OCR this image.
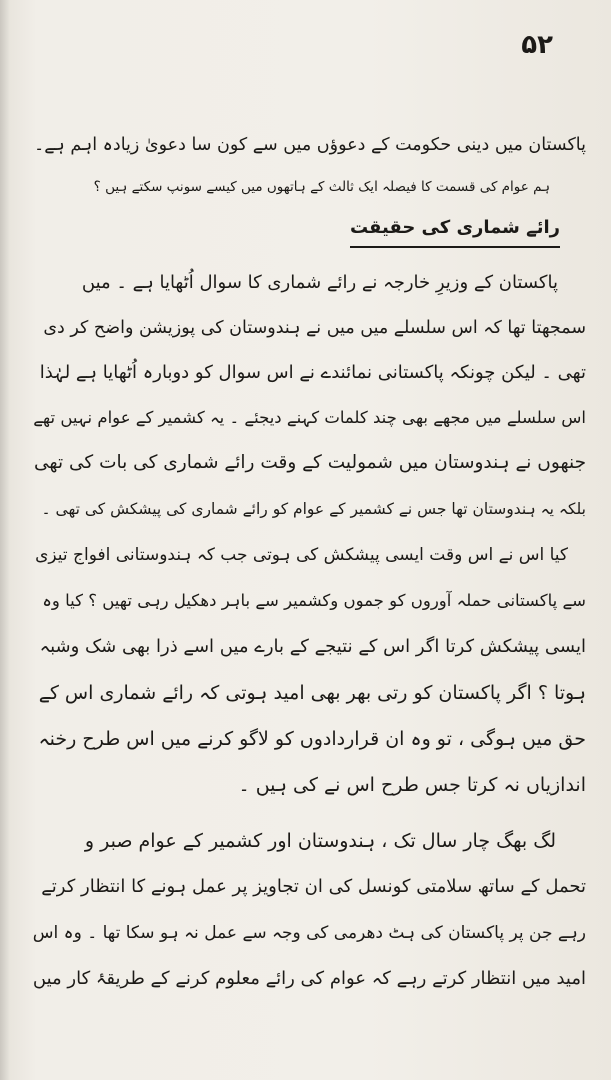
۵۲
پاکستان میں دینی حکومت کے دعوؤں میں سے کون سا دعویٰ زیادہ اہم ہے۔
ہم عوام کی قسمت کا فیصلہ ایک ثالث کے ہاتھوں میں کیسے سونپ سکتے ہیں ؟
رائے شماری کی حقیقت
پاکستان کے وزیرِ خارجہ نے رائے شماری کا سوال اُٹھایا ہے ۔ میں
سمجھتا تھا کہ اس سلسلے میں میں نے ہندوستان کی پوزیشن واضح کر دی
تھی ۔ لیکن چونکہ پاکستانی نمائندے نے اس سوال کو دوبارہ اُٹھایا ہے لہٰذا
اس سلسلے میں مجھے بھی چند کلمات کہنے دیجئے ۔ یہ کشمیر کے عوام نہیں تھے
جنھوں نے ہندوستان میں شمولیت کے وقت رائے شماری کی بات کی تھی
بلکہ یہ ہندوستان تھا جس نے کشمیر کے عوام کو رائے شماری کی پیشکش کی تھی ۔
کیا اس نے اس وقت ایسی پیشکش کی ہوتی جب کہ ہندوستانی افواج تیزی
سے پاکستانی حملہ آوروں کو جموں وکشمیر سے باہر دھکیل رہی تھیں ؟ کیا وہ
ایسی پیشکش کرتا اگر اس کے نتیجے کے بارے میں اسے ذرا بھی شک وشبہ
ہوتا ؟ اگر پاکستان کو رتی بھر بھی امید ہوتی کہ رائے شماری اس کے
حق میں ہوگی ، تو وہ ان قراردادوں کو لاگو کرنے میں اس طرح رخنہ
اندازیاں نہ کرتا جس طرح اس نے کی ہیں ۔
لگ بھگ چار سال تک ، ہندوستان اور کشمیر کے عوام صبر و
تحمل کے ساتھ سلامتی کونسل کی ان تجاویز پر عمل ہونے کا انتظار کرتے
رہے جن پر پاکستان کی ہٹ دھرمی کی وجہ سے عمل نہ ہو سکا تھا ۔ وہ اس
امید میں انتظار کرتے رہے کہ عوام کی رائے معلوم کرنے کے طریقۂ کار میں
